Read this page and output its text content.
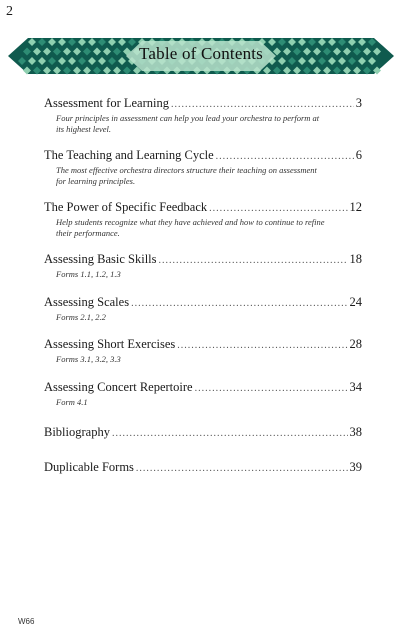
2
Table of Contents
Assessment for Learning .....	3
Four principles in assessment can help you lead your orchestra to perform at its highest level.
The Teaching and Learning Cycle .....	6
The most effective orchestra directors structure their teaching on assessment for learning principles.
The Power of Specific Feedback .....	12
Help students recognize what they have achieved and how to continue to refine their performance.
Assessing Basic Skills .....	18
Forms 1.1, 1.2, 1.3
Assessing Scales .....	24
Forms 2.1, 2.2
Assessing Short Exercises .....	28
Forms 3.1, 3.2, 3.3
Assessing Concert Repertoire .....	34
Form 4.1
Bibliography .....	38
Duplicable Forms .....	39
W66
